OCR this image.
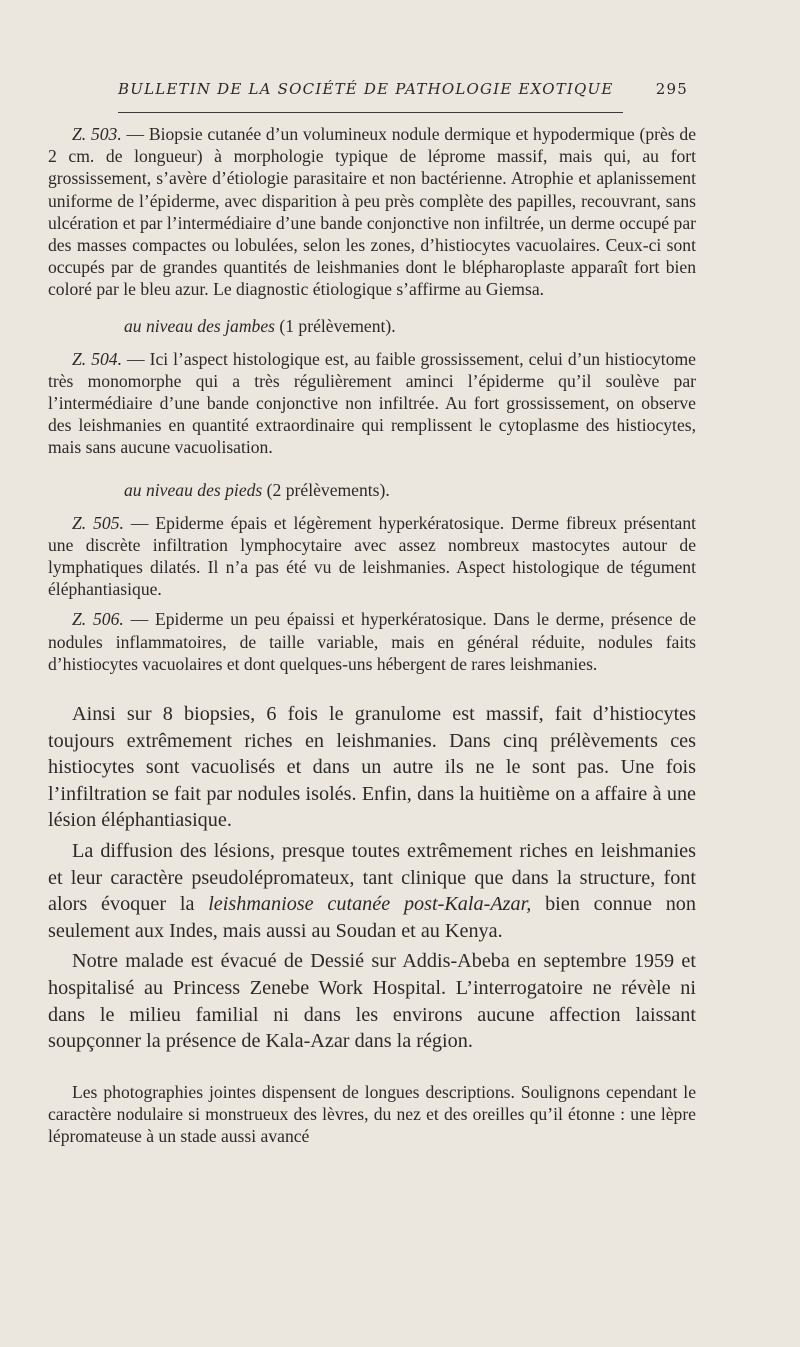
BULLETIN DE LA SOCIÉTÉ DE PATHOLOGIE EXOTIQUE	295

Z. 503. — Biopsie cutanée d’un volumineux nodule dermique et hypodermique (près de 2 cm. de longueur) à morphologie typique de léprome massif, mais qui, au fort grossissement, s’avère d’étiologie parasitaire et non bactérienne. Atrophie et aplanissement uniforme de l’épiderme, avec disparition à peu près complète des papilles, recouvrant, sans ulcération et par l’intermédiaire d’une bande conjonctive non infiltrée, un derme occupé par des masses compactes ou lobulées, selon les zones, d’histiocytes vacuolaires. Ceux-ci sont occupés par de grandes quantités de leishmanies dont le blépharoplaste apparaît fort bien coloré par le bleu azur. Le diagnostic étiologique s’affirme au Giemsa.

au niveau des jambes (1 prélèvement).

Z. 504. — Ici l’aspect histologique est, au faible grossissement, celui d’un histiocytome très monomorphe qui a très régulièrement aminci l’épiderme qu’il soulève par l’intermédiaire d’une bande conjonctive non infiltrée. Au fort grossissement, on observe des leishmanies en quantité extraordinaire qui remplissent le cytoplasme des histiocytes, mais sans aucune vacuolisation.

au niveau des pieds (2 prélèvements).

Z. 505. — Epiderme épais et légèrement hyperkératosique. Derme fibreux présentant une discrète infiltration lymphocytaire avec assez nombreux mastocytes autour de lymphatiques dilatés. Il n’a pas été vu de leishmanies. Aspect histologique de tégument éléphantiasique.

Z. 506. — Epiderme un peu épaissi et hyperkératosique. Dans le derme, présence de nodules inflammatoires, de taille variable, mais en général réduite, nodules faits d’histiocytes vacuolaires et dont quelques-uns hébergent de rares leishmanies.

Ainsi sur 8 biopsies, 6 fois le granulome est massif, fait d’histiocytes toujours extrêmement riches en leishmanies. Dans cinq prélèvements ces histiocytes sont vacuolisés et dans un autre ils ne le sont pas. Une fois l’infiltration se fait par nodules isolés. Enfin, dans la huitième on a affaire à une lésion éléphantiasique.

La diffusion des lésions, presque toutes extrêmement riches en leishmanies et leur caractère pseudolépromateux, tant clinique que dans la structure, font alors évoquer la leishmaniose cutanée post-Kala-Azar, bien connue non seulement aux Indes, mais aussi au Soudan et au Kenya.

Notre malade est évacué de Dessié sur Addis-Abeba en septembre 1959 et hospitalisé au Princess Zenebe Work Hospital. L’interrogatoire ne révèle ni dans le milieu familial ni dans les environs aucune affection laissant soupçonner la présence de Kala-Azar dans la région.

Les photographies jointes dispensent de longues descriptions. Soulignons cependant le caractère nodulaire si monstrueux des lèvres, du nez et des oreilles qu’il étonne : une lèpre lépromateuse à un stade aussi avancé
